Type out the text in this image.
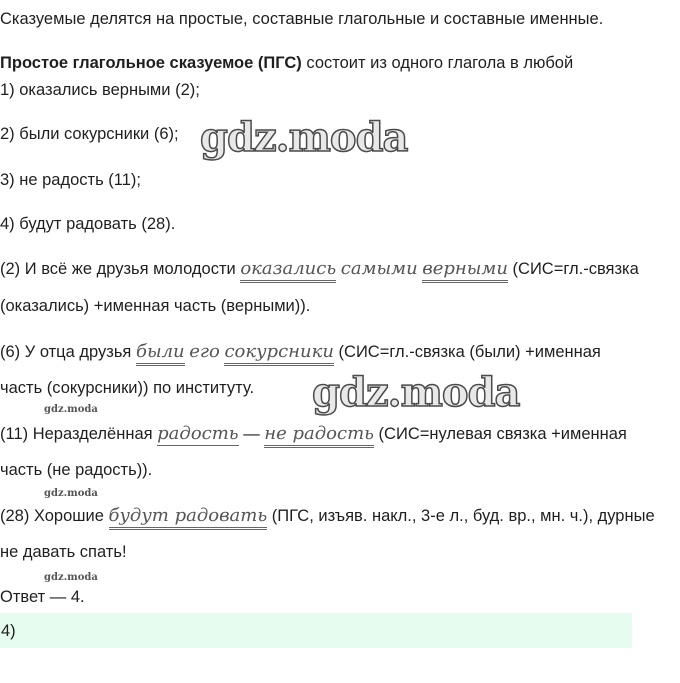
Сказуемые делятся на простые, составные глагольные и составные именные.
Простое глагольное сказуемое (ПГС) состоит из одного глагола в любой
1) оказались верными (2);
2) были сокурсники (6);
3) не радость (11);
4) будут радовать (28).
(2) И всё же друзья молодости оказались самыми верными (СИС=гл.-связка
(оказались) +именная часть (верными)).
(6) У отца друзья были его сокурсники (СИС=гл.-связка (были) +именная
часть (сокурсники)) по институту.
(11) Неразделённая радость — не радость (СИС=нулевая связка +именная
часть (не радость)).
(28) Хорошие будут радовать (ПГС, изъяв. накл., 3-е л., буд. вр., мн. ч.), дурные
не давать спать!
Ответ — 4.
4)
gdz.moda
gdz.moda
gdz.moda
gdz.moda
gdz.moda
